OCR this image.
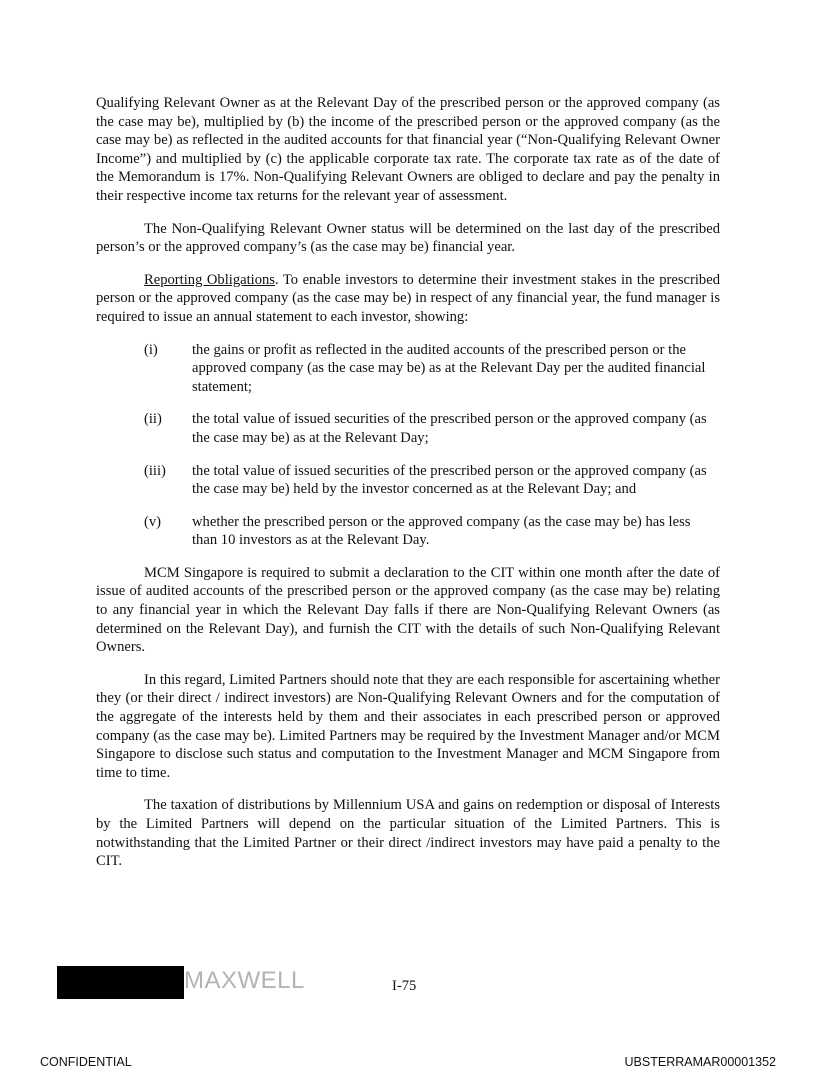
Qualifying Relevant Owner as at the Relevant Day of the prescribed person or the approved company (as the case may be), multiplied by (b) the income of the prescribed person or the approved company (as the case may be) as reflected in the audited accounts for that financial year (“Non-Qualifying Relevant Owner Income”) and multiplied by (c) the applicable corporate tax rate. The corporate tax rate as of the date of the Memorandum is 17%. Non-Qualifying Relevant Owners are obliged to declare and pay the penalty in their respective income tax returns for the relevant year of assessment.

The Non-Qualifying Relevant Owner status will be determined on the last day of the prescribed person’s or the approved company’s (as the case may be) financial year.

Reporting Obligations. To enable investors to determine their investment stakes in the prescribed person or the approved company (as the case may be) in respect of any financial year, the fund manager is required to issue an annual statement to each investor, showing:

(i)	the gains or profit as reflected in the audited accounts of the prescribed person or the approved company (as the case may be) as at the Relevant Day per the audited financial statement;
(ii)	the total value of issued securities of the prescribed person or the approved company (as the case may be) as at the Relevant Day;
(iii)	the total value of issued securities of the prescribed person or the approved company (as the case may be) held by the investor concerned as at the Relevant Day; and
(v)	whether the prescribed person or the approved company (as the case may be) has less than 10 investors as at the Relevant Day.

MCM Singapore is required to submit a declaration to the CIT within one month after the date of issue of audited accounts of the prescribed person or the approved company (as the case may be) relating to any financial year in which the Relevant Day falls if there are Non-Qualifying Relevant Owners (as determined on the Relevant Day), and furnish the CIT with the details of such Non-Qualifying Relevant Owners.

In this regard, Limited Partners should note that they are each responsible for ascertaining whether they (or their direct / indirect investors) are Non-Qualifying Relevant Owners and for the computation of the aggregate of the interests held by them and their associates in each prescribed person or approved company (as the case may be). Limited Partners may be required by the Investment Manager and/or MCM Singapore to disclose such status and computation to the Investment Manager and MCM Singapore from time to time.

The taxation of distributions by Millennium USA and gains on redemption or disposal of Interests by the Limited Partners will depend on the particular situation of the Limited Partners. This is notwithstanding that the Limited Partner or their direct /indirect investors may have paid a penalty to the CIT.

MAXWELL	I-75
CONFIDENTIAL	UBSTERRAMAR00001352
